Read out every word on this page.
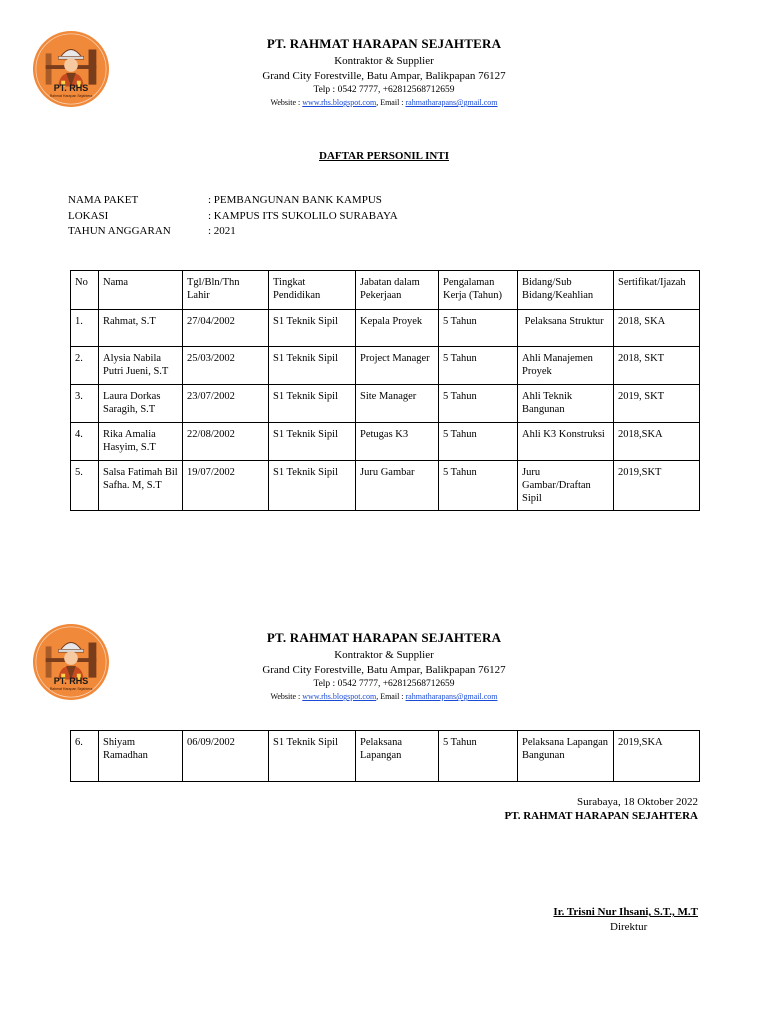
PT. RHS
Rahmat Harapan Sejahtera
PT. RAHMAT HARAPAN SEJAHTERA
Kontraktor & Supplier
Grand City Forestville, Batu Ampar, Balikpapan 76127
Telp : 0542 7777, +62812568712659
Website : www.rhs.blogspot.com, Email : rahmatharapans@gmail.com
DAFTAR PERSONIL INTI
NAMA PAKET	: PEMBANGUNAN BANK KAMPUS
LOKASI	: KAMPUS ITS SUKOLILO SURABAYA
TAHUN ANGGARAN	: 2021
No	Nama	Tgl/Bln/Thn Lahir	Tingkat Pendidikan	Jabatan dalam Pekerjaan	Pengalaman Kerja (Tahun)	Bidang/Sub Bidang/Keahlian	Sertifikat/Ijazah
1.	Rahmat, S.T	27/04/2002	S1 Teknik Sipil	Kepala Proyek	5 Tahun	Pelaksana Struktur	2018, SKA
2.	Alysia Nabila Putri Jueni, S.T	25/03/2002	S1 Teknik Sipil	Project Manager	5 Tahun	Ahli Manajemen Proyek	2018, SKT
3.	Laura Dorkas Saragih, S.T	23/07/2002	S1 Teknik Sipil	Site Manager	5 Tahun	Ahli Teknik Bangunan	2019, SKT
4.	Rika Amalia Hasyim, S.T	22/08/2002	S1 Teknik Sipil	Petugas K3	5 Tahun	Ahli K3 Konstruksi	2018,SKA
5.	Salsa Fatimah Bil Safha. M, S.T	19/07/2002	S1 Teknik Sipil	Juru Gambar	5 Tahun	Juru Gambar/Draftan Sipil	2019,SKT
PT. RHS
Rahmat Harapan Sejahtera
PT. RAHMAT HARAPAN SEJAHTERA
Kontraktor & Supplier
Grand City Forestville, Batu Ampar, Balikpapan 76127
Telp : 0542 7777, +62812568712659
Website : www.rhs.blogspot.com, Email : rahmatharapans@gmail.com
6.	Shiyam Ramadhan	06/09/2002	S1 Teknik Sipil	Pelaksana Lapangan	5 Tahun	Pelaksana Lapangan Bangunan	2019,SKA
Surabaya, 18 Oktober 2022
PT. RAHMAT HARAPAN SEJAHTERA
Ir. Trisni Nur Ihsani, S.T., M.T
Direktur
